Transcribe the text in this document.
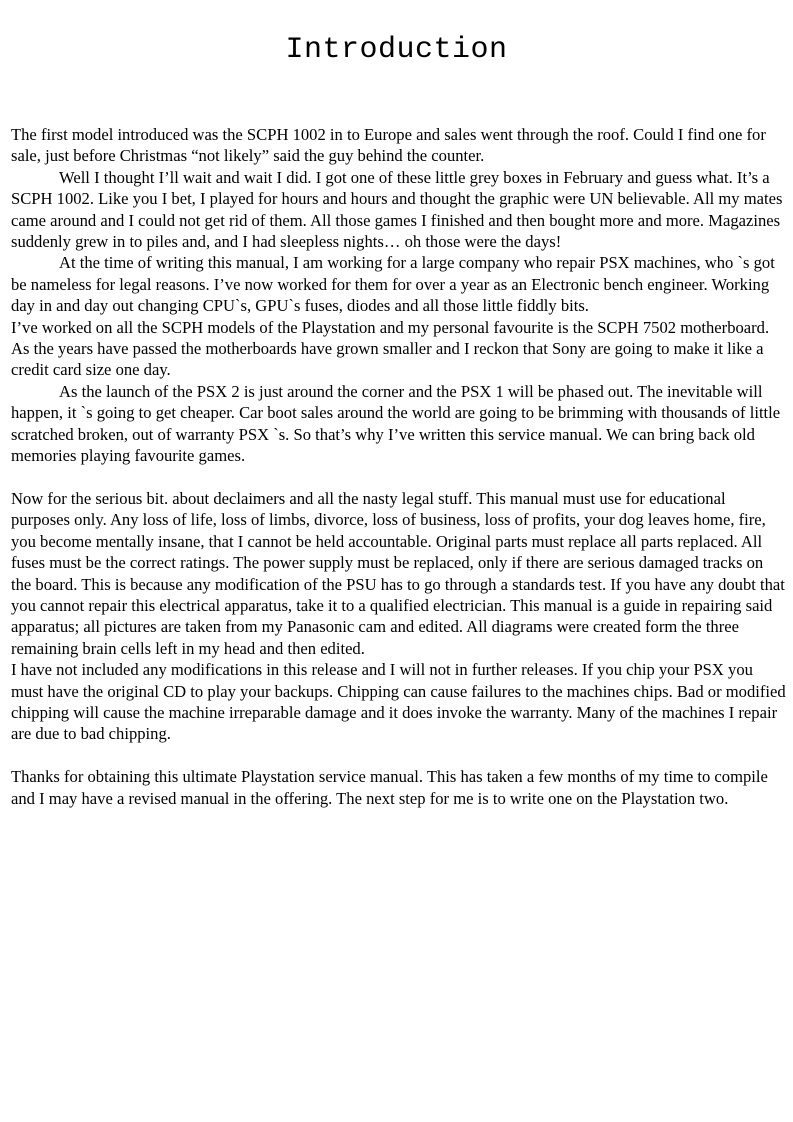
Introduction

The first model introduced was the SCPH 1002 in to Europe and sales went through the roof. Could I find one for sale, just before Christmas “not likely” said the guy behind the counter.

Well I thought I’ll wait and wait I did. I got one of these little grey boxes in February and guess what. It’s a SCPH 1002. Like you I bet, I played for hours and hours and thought the graphic were UN believable. All my mates came around and I could not get rid of them. All those games I finished and then bought more and more. Magazines suddenly grew in to piles and, and I had sleepless nights… oh those were the days!

At the time of writing this manual, I am working for a large company who repair PSX machines, who `s got be nameless for legal reasons. I’ve now worked for them for over a year as an Electronic bench engineer. Working day in and day out changing CPU`s, GPU`s fuses, diodes and all those little fiddly bits.

I’ve worked on all the SCPH models of the Playstation and my personal favourite is the SCPH 7502 motherboard. As the years have passed the motherboards have grown smaller and I reckon that Sony are going to make it like a credit card size one day.

As the launch of the PSX 2 is just around the corner and the PSX 1 will be phased out. The inevitable will happen, it `s going to get cheaper. Car boot sales around the world are going to be brimming with thousands of little scratched broken, out of warranty PSX `s. So that’s why I’ve written this service manual. We can bring back old memories playing favourite games.

Now for the serious bit. about declaimers and all the nasty legal stuff. This manual must use for educational purposes only. Any loss of life, loss of limbs, divorce, loss of business, loss of profits, your dog leaves home, fire, you become mentally insane, that I cannot be held accountable. Original parts must replace all parts replaced. All fuses must be the correct ratings. The power supply must be replaced, only if there are serious damaged tracks on the board. This is because any modification of the PSU has to go through a standards test. If you have any doubt that you cannot repair this electrical apparatus, take it to a qualified electrician. This manual is a guide in repairing said apparatus; all pictures are taken from my Panasonic cam and edited. All diagrams were created form the three remaining brain cells left in my head and then edited.

I have not included any modifications in this release and I will not in further releases. If you chip your PSX you must have the original CD to play your backups. Chipping can cause failures to the machines chips. Bad or modified chipping will cause the machine irreparable damage and it does invoke the warranty. Many of the machines I repair are due to bad chipping.

Thanks for obtaining this ultimate Playstation service manual. This has taken a few months of my time to compile and I may have a revised manual in the offering. The next step for me is to write one on the Playstation two.
